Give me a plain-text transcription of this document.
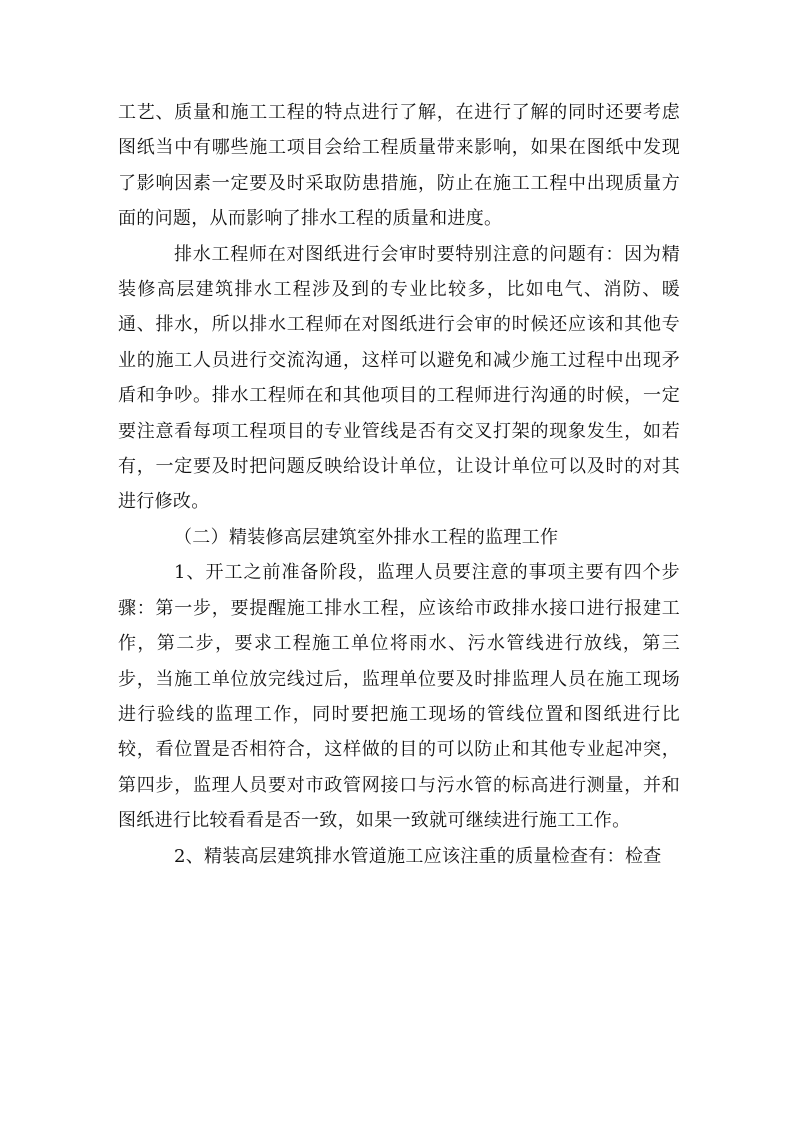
工艺、质量和施工工程的特点进行了解，在进行了解的同时还要考虑图纸当中有哪些施工项目会给工程质量带来影响，如果在图纸中发现了影响因素一定要及时采取防患措施，防止在施工工程中出现质量方面的问题，从而影响了排水工程的质量和进度。

排水工程师在对图纸进行会审时要特别注意的问题有：因为精装修高层建筑排水工程涉及到的专业比较多，比如电气、消防、暖通、排水，所以排水工程师在对图纸进行会审的时候还应该和其他专业的施工人员进行交流沟通，这样可以避免和减少施工过程中出现矛盾和争吵。排水工程师在和其他项目的工程师进行沟通的时候，一定要注意看每项工程项目的专业管线是否有交叉打架的现象发生，如若有，一定要及时把问题反映给设计单位，让设计单位可以及时的对其进行修改。

（二）精装修高层建筑室外排水工程的监理工作

1、开工之前准备阶段，监理人员要注意的事项主要有四个步骤：第一步，要提醒施工排水工程，应该给市政排水接口进行报建工作，第二步，要求工程施工单位将雨水、污水管线进行放线，第三步，当施工单位放完线过后，监理单位要及时排监理人员在施工现场进行验线的监理工作，同时要把施工现场的管线位置和图纸进行比较，看位置是否相符合，这样做的目的可以防止和其他专业起冲突，第四步，监理人员要对市政管网接口与污水管的标高进行测量，并和图纸进行比较看看是否一致，如果一致就可继续进行施工工作。

2、精装高层建筑排水管道施工应该注重的质量检查有：检查
